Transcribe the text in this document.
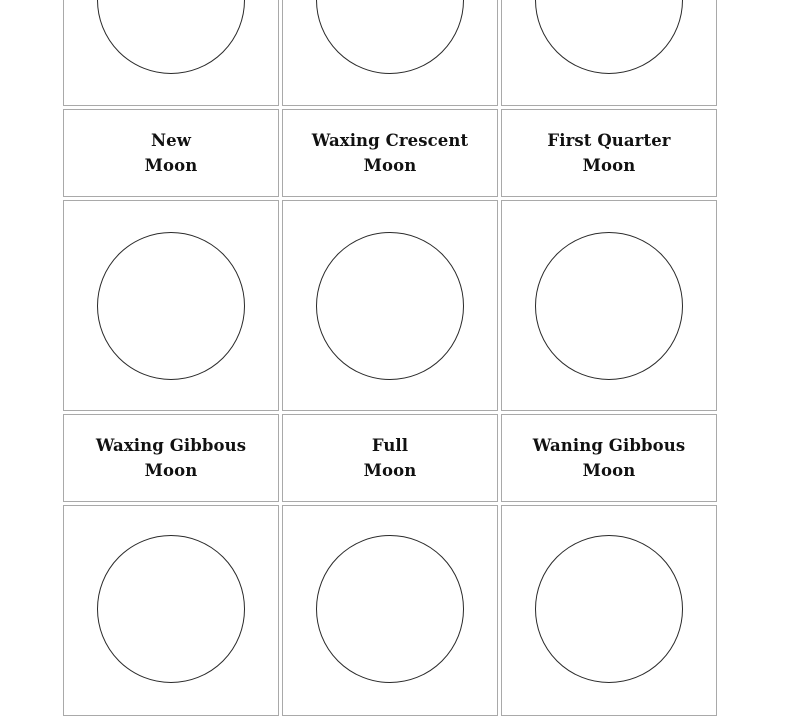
New
Moon
Waxing Crescent
Moon
First Quarter
Moon
Waxing Gibbous
Moon
Full
Moon
Waning Gibbous
Moon
